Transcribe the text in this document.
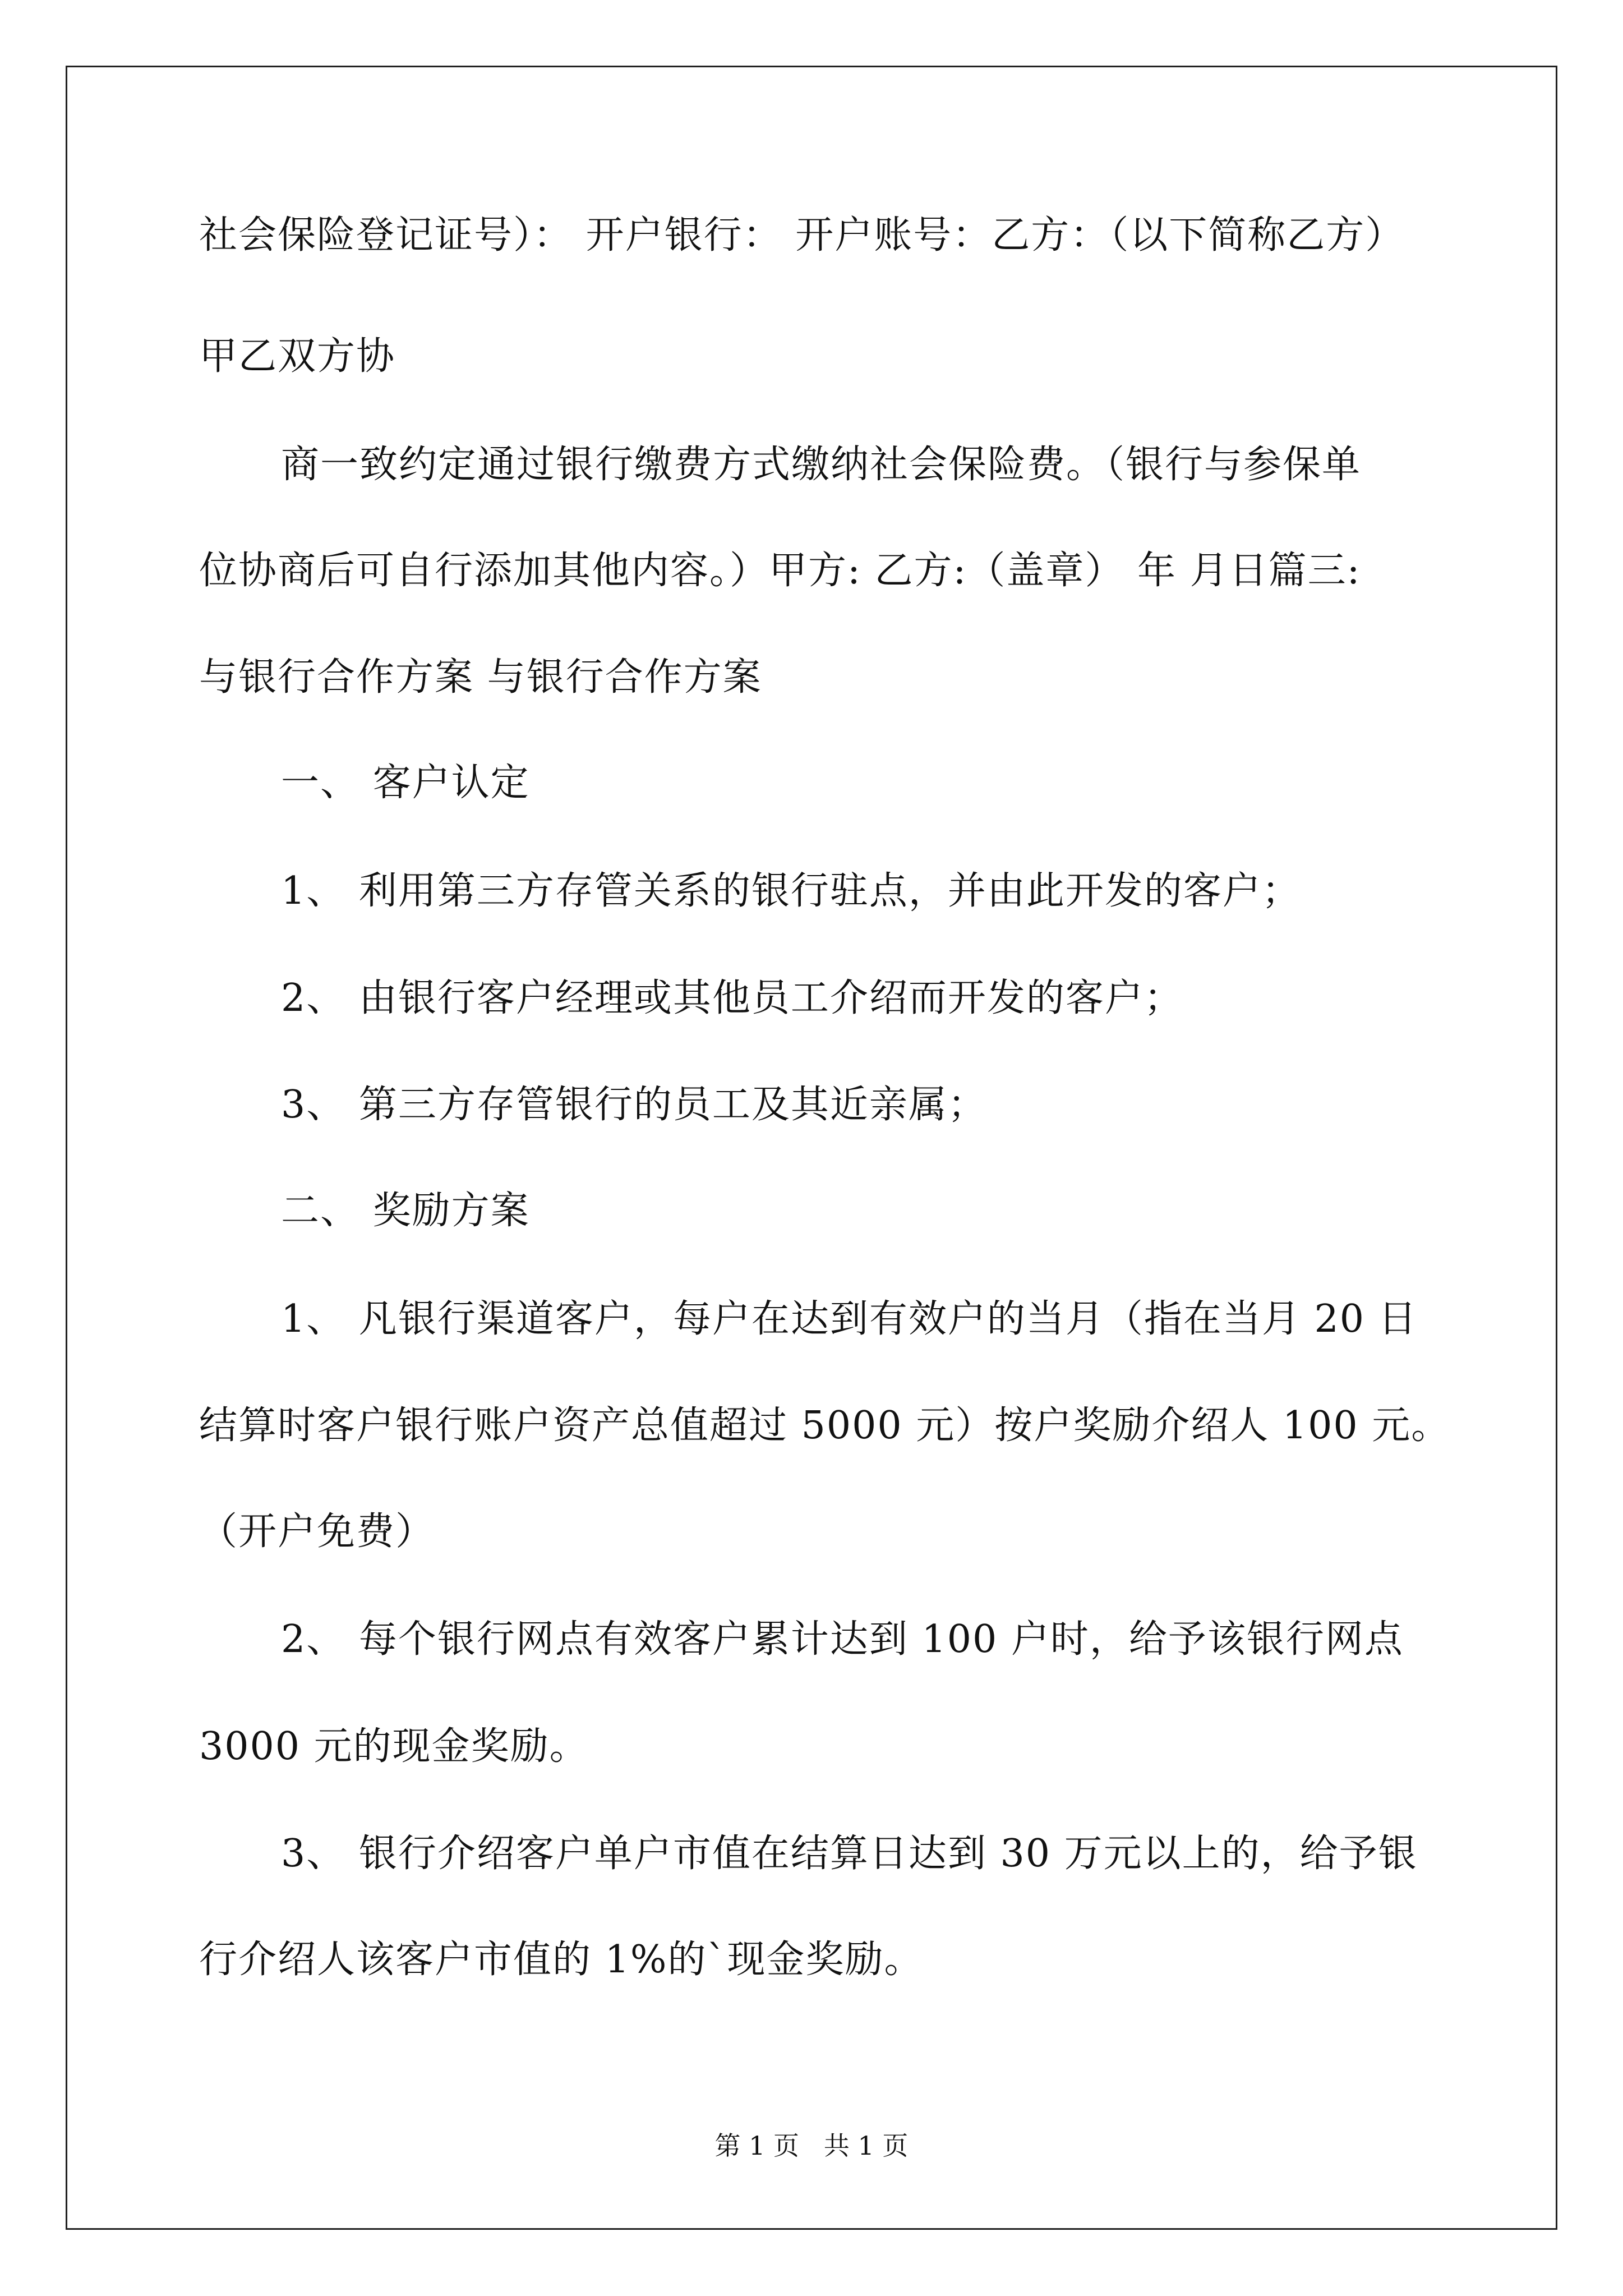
社会保险登记证号）： 开户银行： 开户账号：乙方：（以下简称乙方）
甲乙双方协
商一致约定通过银行缴费方式缴纳社会保险费。（银行与参保单
位协商后可自行添加其他内容。）甲方: 乙方:（盖章） 年 月日篇三:
与银行合作方案 与银行合作方案
一、 客户认定
1、 利用第三方存管关系的银行驻点，并由此开发的客户；
2、 由银行客户经理或其他员工介绍而开发的客户；
3、 第三方存管银行的员工及其近亲属；
二、 奖励方案
1、 凡银行渠道客户，每户在达到有效户的当月（指在当月 20 日
结算时客户银行账户资产总值超过 5000 元）按户奖励介绍人 100 元。
（开户免费）
2、 每个银行网点有效客户累计达到 100 户时，给予该银行网点
3000 元的现金奖励。
3、 银行介绍客户单户市值在结算日达到 30 万元以上的，给予银
行介绍人该客户市值的 1%的`现金奖励。
第 1 页   共 1 页
